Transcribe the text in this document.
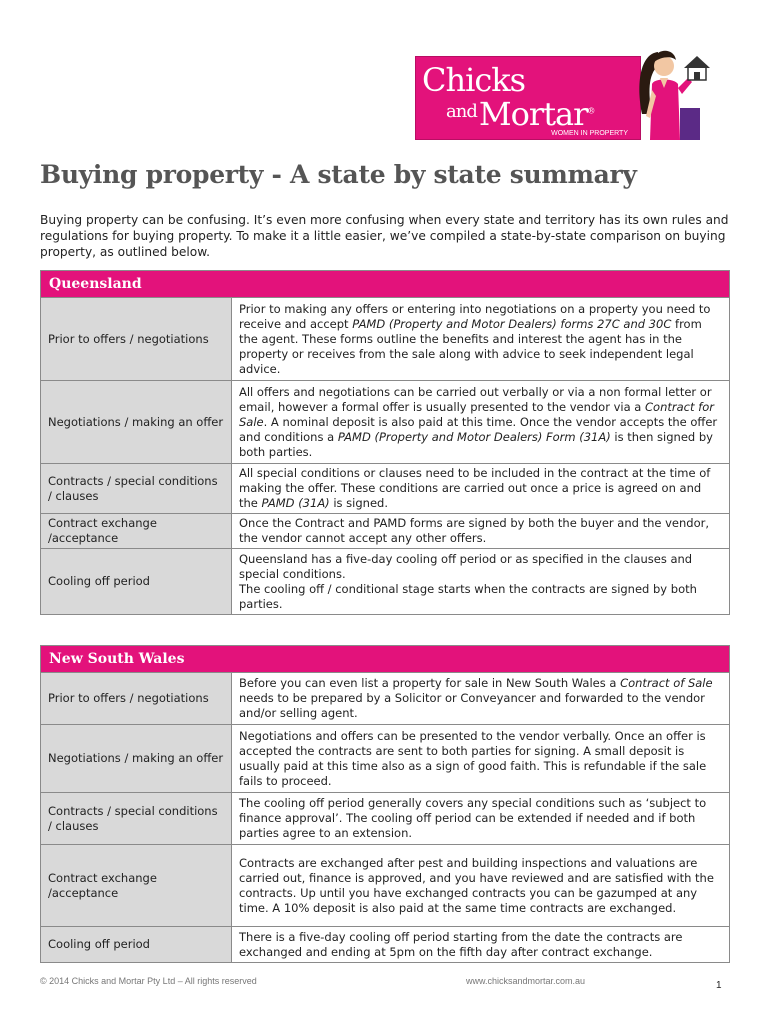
Chicks
$^{and}$Mortar®
WOMEN IN PROPERTY
Buying property - A state by state summary

Buying property can be confusing. It’s even more confusing when every state and territory has its own rules and regulations for buying property. To make it a little easier, we’ve compiled a state-by-state comparison on buying property, as outlined below.

Queensland	
Prior to offers / negotiations	Prior to making any offers or entering into negotiations on a property you need to receive and accept PAMD (Property and Motor Dealers) forms 27C and 30C from the agent. These forms outline the benefits and interest the agent has in the property or receives from the sale along with advice to seek independent legal advice.
Negotiations / making an offer	All offers and negotiations can be carried out verbally or via a non formal letter or email, however a formal offer is usually presented to the vendor via a Contract for Sale. A nominal deposit is also paid at this time. Once the vendor accepts the offer and conditions a PAMD (Property and Motor Dealers) Form (31A) is then signed by both parties.
Contracts / special conditions / clauses	All special conditions or clauses need to be included in the contract at the time of making the offer. These conditions are carried out once a price is agreed on and the PAMD (31A) is signed.
Contract exchange /acceptance	Once the Contract and PAMD forms are signed by both the buyer and the vendor, the vendor cannot accept any other offers.
Cooling off period	Queensland has a five-day cooling off period or as specified in the clauses and special conditions.

The cooling off / conditional stage starts when the contracts are signed by both parties.

New South Wales	
Prior to offers / negotiations	Before you can even list a property for sale in New South Wales a Contract of Sale needs to be prepared by a Solicitor or Conveyancer and forwarded to the vendor and/or selling agent.
Negotiations / making an offer	Negotiations and offers can be presented to the vendor verbally. Once an offer is accepted the contracts are sent to both parties for signing. A small deposit is usually paid at this time also as a sign of good faith. This is refundable if the sale fails to proceed.
Contracts / special conditions / clauses	The cooling off period generally covers any special conditions such as ‘subject to finance approval’. The cooling off period can be extended if needed and if both parties agree to an extension.
Contract exchange /acceptance	Contracts are exchanged after pest and building inspections and valuations are carried out, finance is approved, and you have reviewed and are satisfied with the contracts. Up until you have exchanged contracts you can be gazumped at any time. A 10% deposit is also paid at the same time contracts are exchanged.
Cooling off period	There is a five-day cooling off period starting from the date the contracts are exchanged and ending at 5pm on the fifth day after contract exchange.
© 2014 Chicks and Mortar Pty Ltd – All rights reserved	www.chicksandmortar.com.au	1
